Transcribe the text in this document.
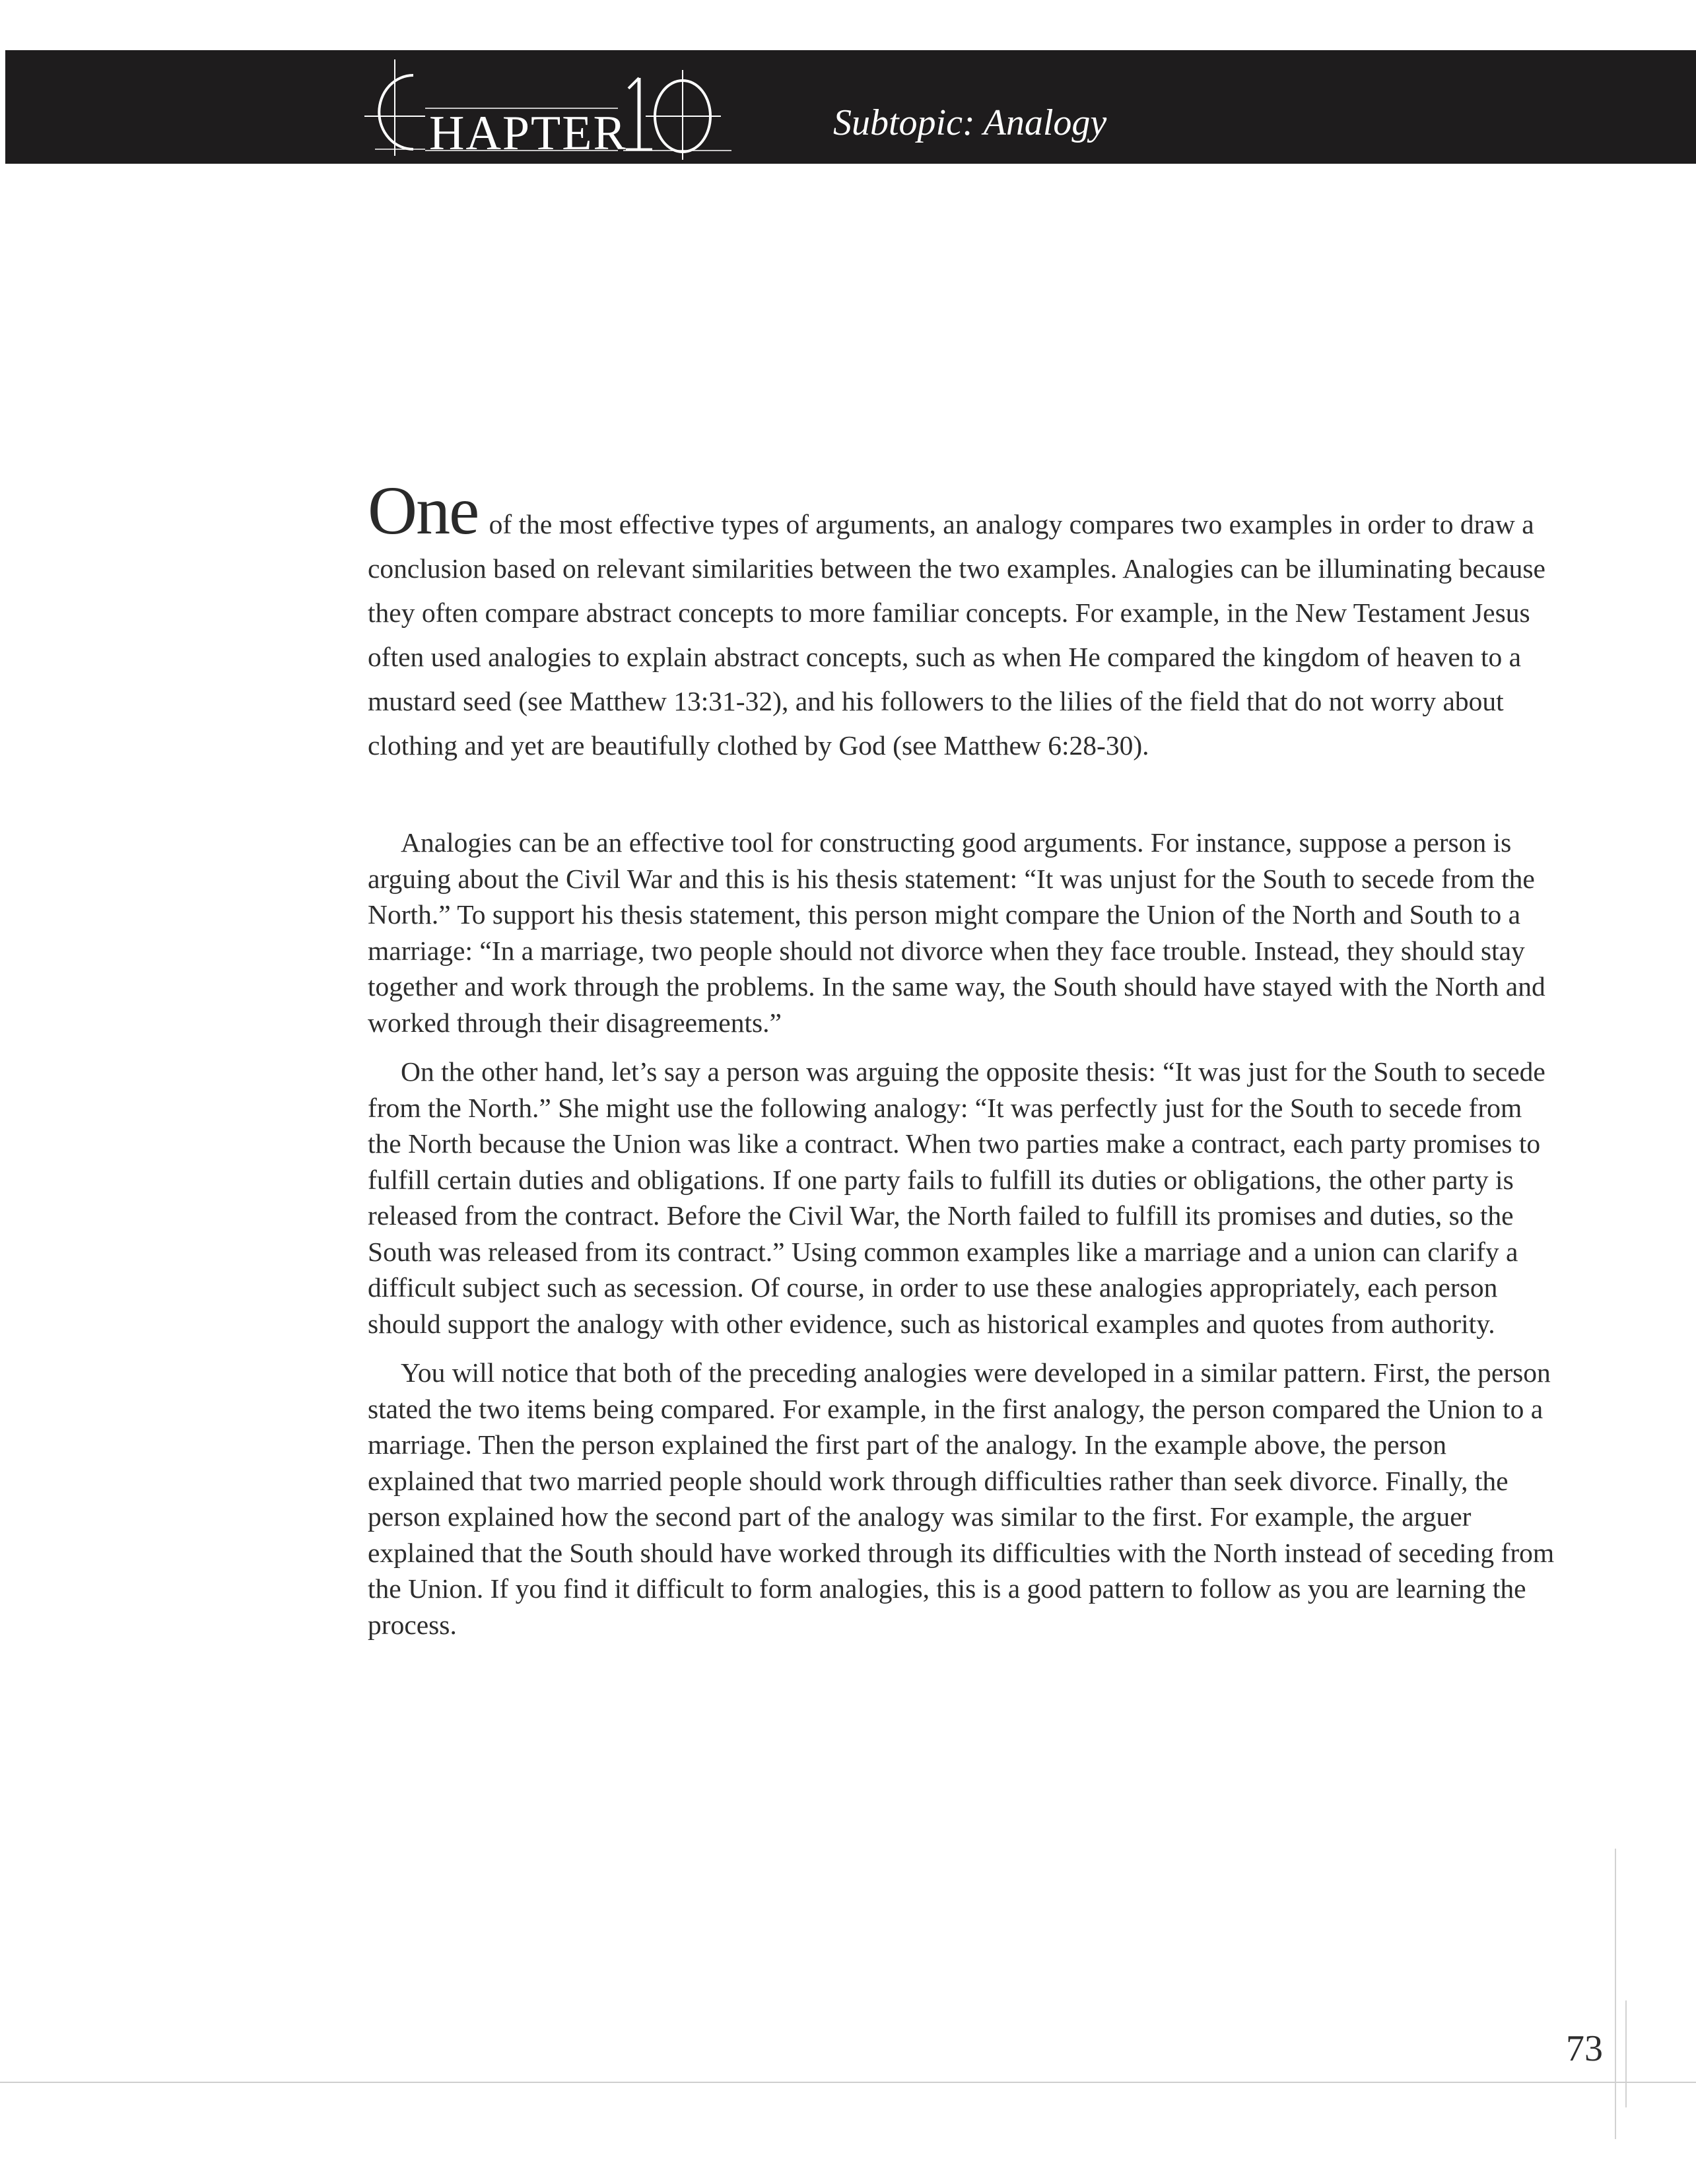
HAPTER	Subtopic: Analogy

One of the most effective types of arguments, an analogy compares two examples in order to draw a conclusion based on relevant similarities between the two examples. Analogies can be illuminating because they often compare abstract concepts to more familiar concepts. For example, in the New Testament Jesus often used analogies to explain abstract concepts, such as when He compared the kingdom of heaven to a mustard seed (see Matthew 13:31-32), and his followers to the lilies of the field that do not worry about clothing and yet are beautifully clothed by God (see Matthew 6:28-30).

Analogies can be an effective tool for constructing good arguments. For instance, suppose a person is arguing about the Civil War and this is his thesis statement: “It was unjust for the South to secede from the North.” To support his thesis statement, this person might compare the Union of the North and South to a marriage: “In a marriage, two people should not divorce when they face trouble. Instead, they should stay together and work through the problems. In the same way, the South should have stayed with the North and worked through their disagreements.”

On the other hand, let’s say a person was arguing the opposite thesis: “It was just for the South to secede from the North.” She might use the following analogy: “It was perfectly just for the South to secede from the North because the Union was like a contract. When two parties make a contract, each party promises to fulfill certain duties and obligations. If one party fails to fulfill its duties or obligations, the other party is released from the contract. Before the Civil War, the North failed to fulfill its promises and duties, so the South was released from its contract.” Using common examples like a marriage and a union can clarify a difficult subject such as secession. Of course, in order to use these analogies appropriately, each person should support the analogy with other evidence, such as historical examples and quotes from authority.

You will notice that both of the preceding analogies were developed in a similar pattern. First, the person stated the two items being compared. For example, in the first analogy, the person compared the Union to a marriage. Then the person explained the first part of the analogy. In the example above, the person explained that two married people should work through difficulties rather than seek divorce. Finally, the person explained how the second part of the analogy was similar to the first. For example, the arguer explained that the South should have worked through its difficulties with the North instead of seceding from the Union. If you find it difficult to form analogies, this is a good pattern to follow as you are learning the process.

73
